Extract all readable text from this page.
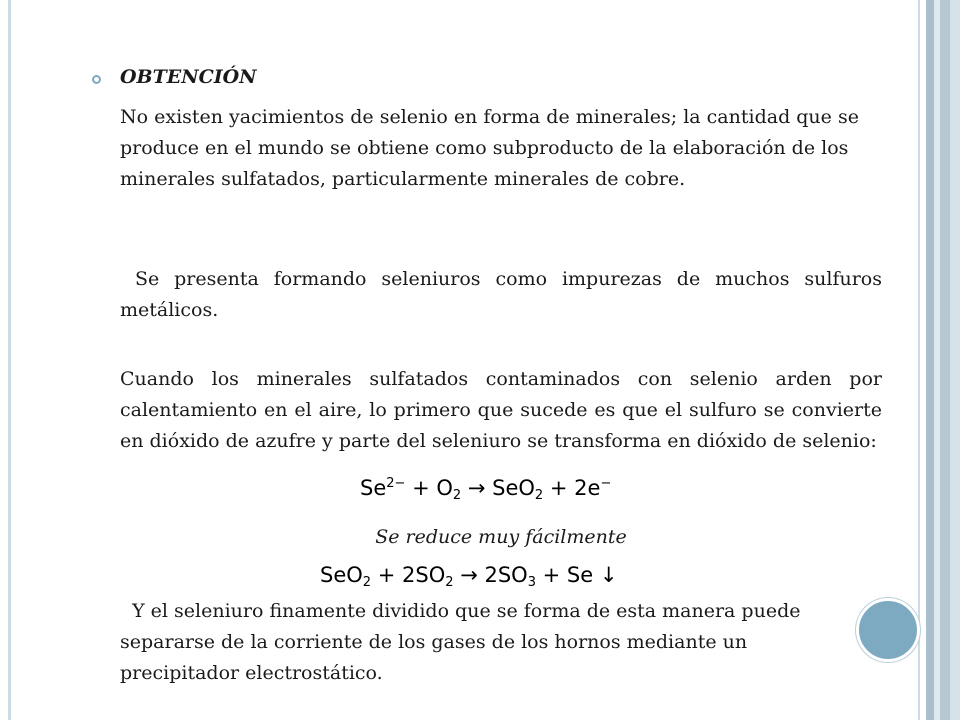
OBTENCIÓN
No existen yacimientos de selenio en forma de minerales; la cantidad que se produce en el mundo se obtiene como subproducto de la elaboración de los minerales sulfatados, particularmente minerales de cobre.
Se presenta formando seleniuros como impurezas de muchos sulfuros metálicos.
Cuando los minerales sulfatados contaminados con selenio arden por calentamiento en el aire, lo primero que sucede es que el sulfuro se convierte en dióxido de azufre y parte del seleniuro se transforma en dióxido de selenio:
$Se^{2-} + O_2 \to SeO_2 + 2e^-$
Se reduce muy fácilmente
$SeO_2 + 2SO_2 \to 2SO_3 + Se$ ↓
Y el seleniuro finamente dividido que se forma de esta manera puede separarse de la corriente de los gases de los hornos mediante un precipitador electrostático.
